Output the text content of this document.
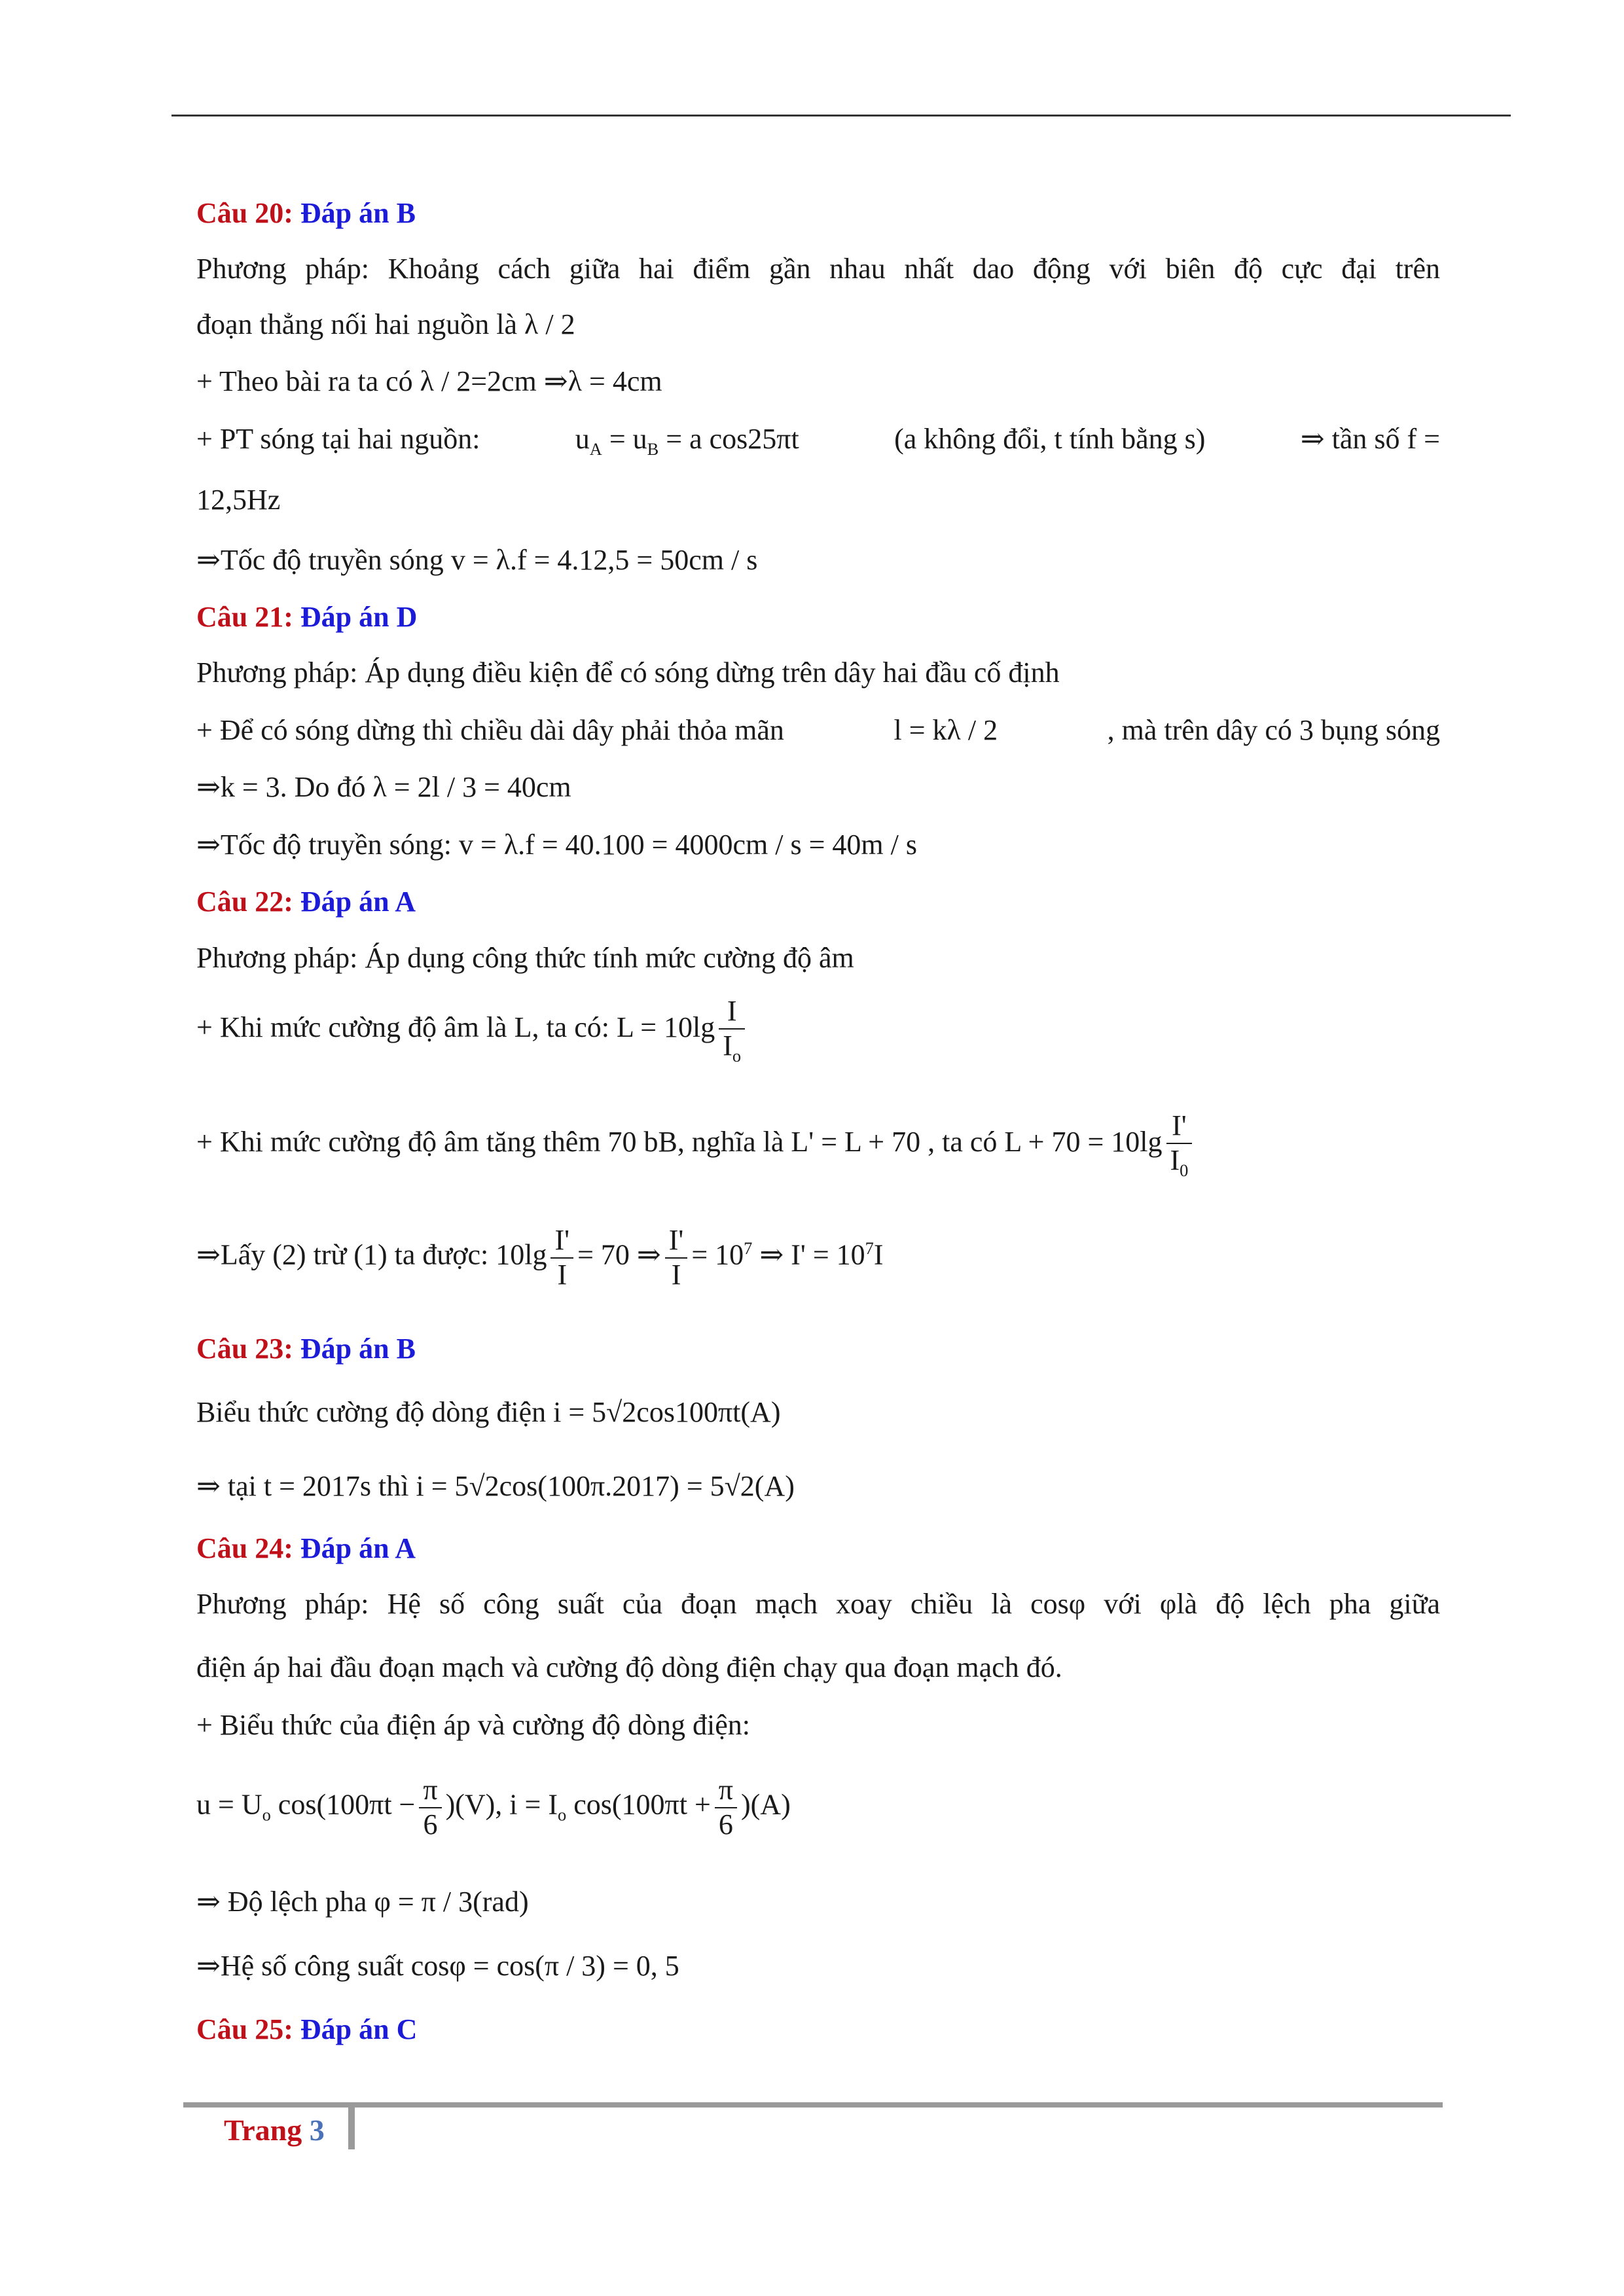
Câu 20: Đáp án B
Phương pháp: Khoảng cách giữa hai điểm gần nhau nhất dao động với biên độ cực đại trên
đoạn thẳng nối hai nguồn là λ / 2
+ Theo bài ra ta có λ / 2=2cm ⇒λ = 4cm
+ PT sóng tại hai nguồn:	$u_A = u_B = a$ cos25πt	(a không đổi, t tính bằng s)	⇒ tần số f =
12,5Hz
⇒Tốc độ truyền sóng v = λ.f = 4.12,5 = 50cm / s
Câu 21: Đáp án D
Phương pháp: Áp dụng điều kiện để có sóng dừng trên dây hai đầu cố định
+ Để có sóng dừng thì chiều dài dây phải thỏa mãn	l = kλ / 2	, mà trên dây có 3 bụng sóng
⇒k = 3. Do đó λ = 2l / 3 = 40cm
⇒Tốc độ truyền sóng: v = λ.f = 40.100 = 4000cm / s = 40m / s
Câu 22: Đáp án A
Phương pháp: Áp dụng công thức tính mức cường độ âm
+ Khi mức cường độ âm là L, ta có: $L = 10\lg \frac{I}{I_o}$
+ Khi mức cường độ âm tăng thêm 70 bB, nghĩa là L' = L + 70 , ta có $L + 70 = 10\lg \frac{I'}{I_0}$
⇒Lấy (2) trừ (1) ta được: $10\lg \frac{I'}{I} = 70$ ⇒ $\frac{I'}{I} = 10^7$ ⇒ $I' = 10^7I$
Câu 23: Đáp án B
Biểu thức cường độ dòng điện i = 5√2cos100πt(A)
⇒ tại t = 2017s thì i = 5√2cos(100π.2017) = 5√2(A)
Câu 24: Đáp án A
Phương pháp: Hệ số công suất của đoạn mạch xoay chiều là cosφ với φlà độ lệch pha giữa
điện áp hai đầu đoạn mạch và cường độ dòng điện chạy qua đoạn mạch đó.
+ Biểu thức của điện áp và cường độ dòng điện:
$u = U_o$ $\cos(100\pi t - \frac{\pi}{6} )(V)$, $i = I_o$ $\cos(100\pi t + \frac{\pi}{6} )(A)$
⇒ Độ lệch pha φ = π / 3(rad)
⇒Hệ số công suất cosφ = cos(π / 3) = 0, 5
Câu 25: Đáp án C
Trang 3
